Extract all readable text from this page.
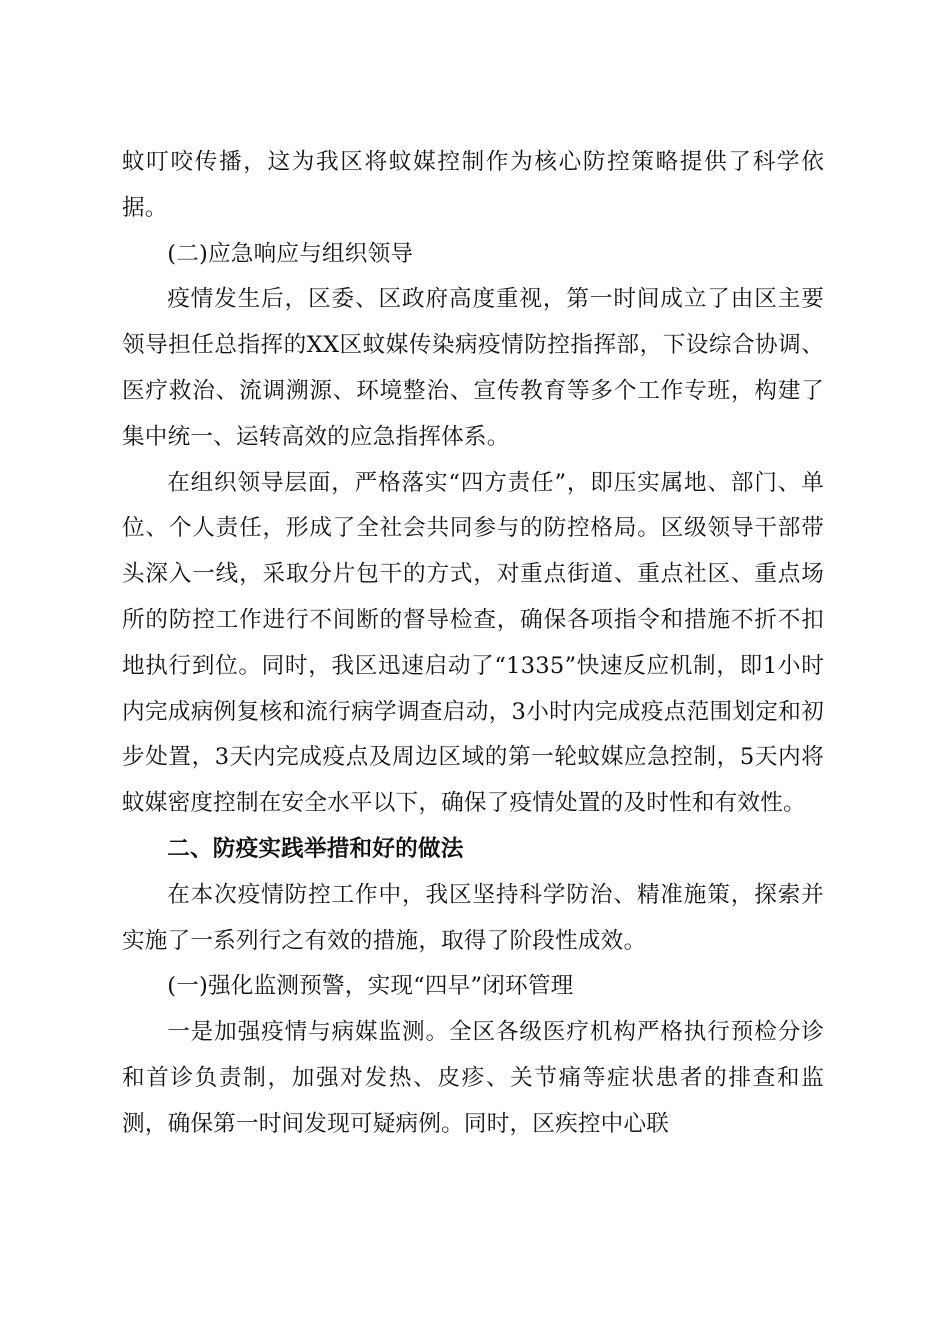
蚊叮咬传播，这为我区将蚊媒控制作为核心防控策略提供了科学依据。

(二)应急响应与组织领导

疫情发生后，区委、区政府高度重视，第一时间成立了由区主要领导担任总指挥的XX区蚊媒传染病疫情防控指挥部，下设综合协调、医疗救治、流调溯源、环境整治、宣传教育等多个工作专班，构建了集中统一、运转高效的应急指挥体系。

在组织领导层面，严格落实“四方责任”，即压实属地、部门、单位、个人责任，形成了全社会共同参与的防控格局。区级领导干部带头深入一线，采取分片包干的方式，对重点街道、重点社区、重点场所的防控工作进行不间断的督导检查，确保各项指令和措施不折不扣地执行到位。同时，我区迅速启动了“1335”快速反应机制，即1小时内完成病例复核和流行病学调查启动，3小时内完成疫点范围划定和初步处置，3天内完成疫点及周边区域的第一轮蚊媒应急控制，5天内将蚊媒密度控制在安全水平以下，确保了疫情处置的及时性和有效性。

二、防疫实践举措和好的做法

在本次疫情防控工作中，我区坚持科学防治、精准施策，探索并实施了一系列行之有效的措施，取得了阶段性成效。

(一)强化监测预警，实现“四早”闭环管理

一是加强疫情与病媒监测。全区各级医疗机构严格执行预检分诊和首诊负责制，加强对发热、皮疹、关节痛等症状患者的排查和监测，确保第一时间发现可疑病例。同时，区疾控中心联
